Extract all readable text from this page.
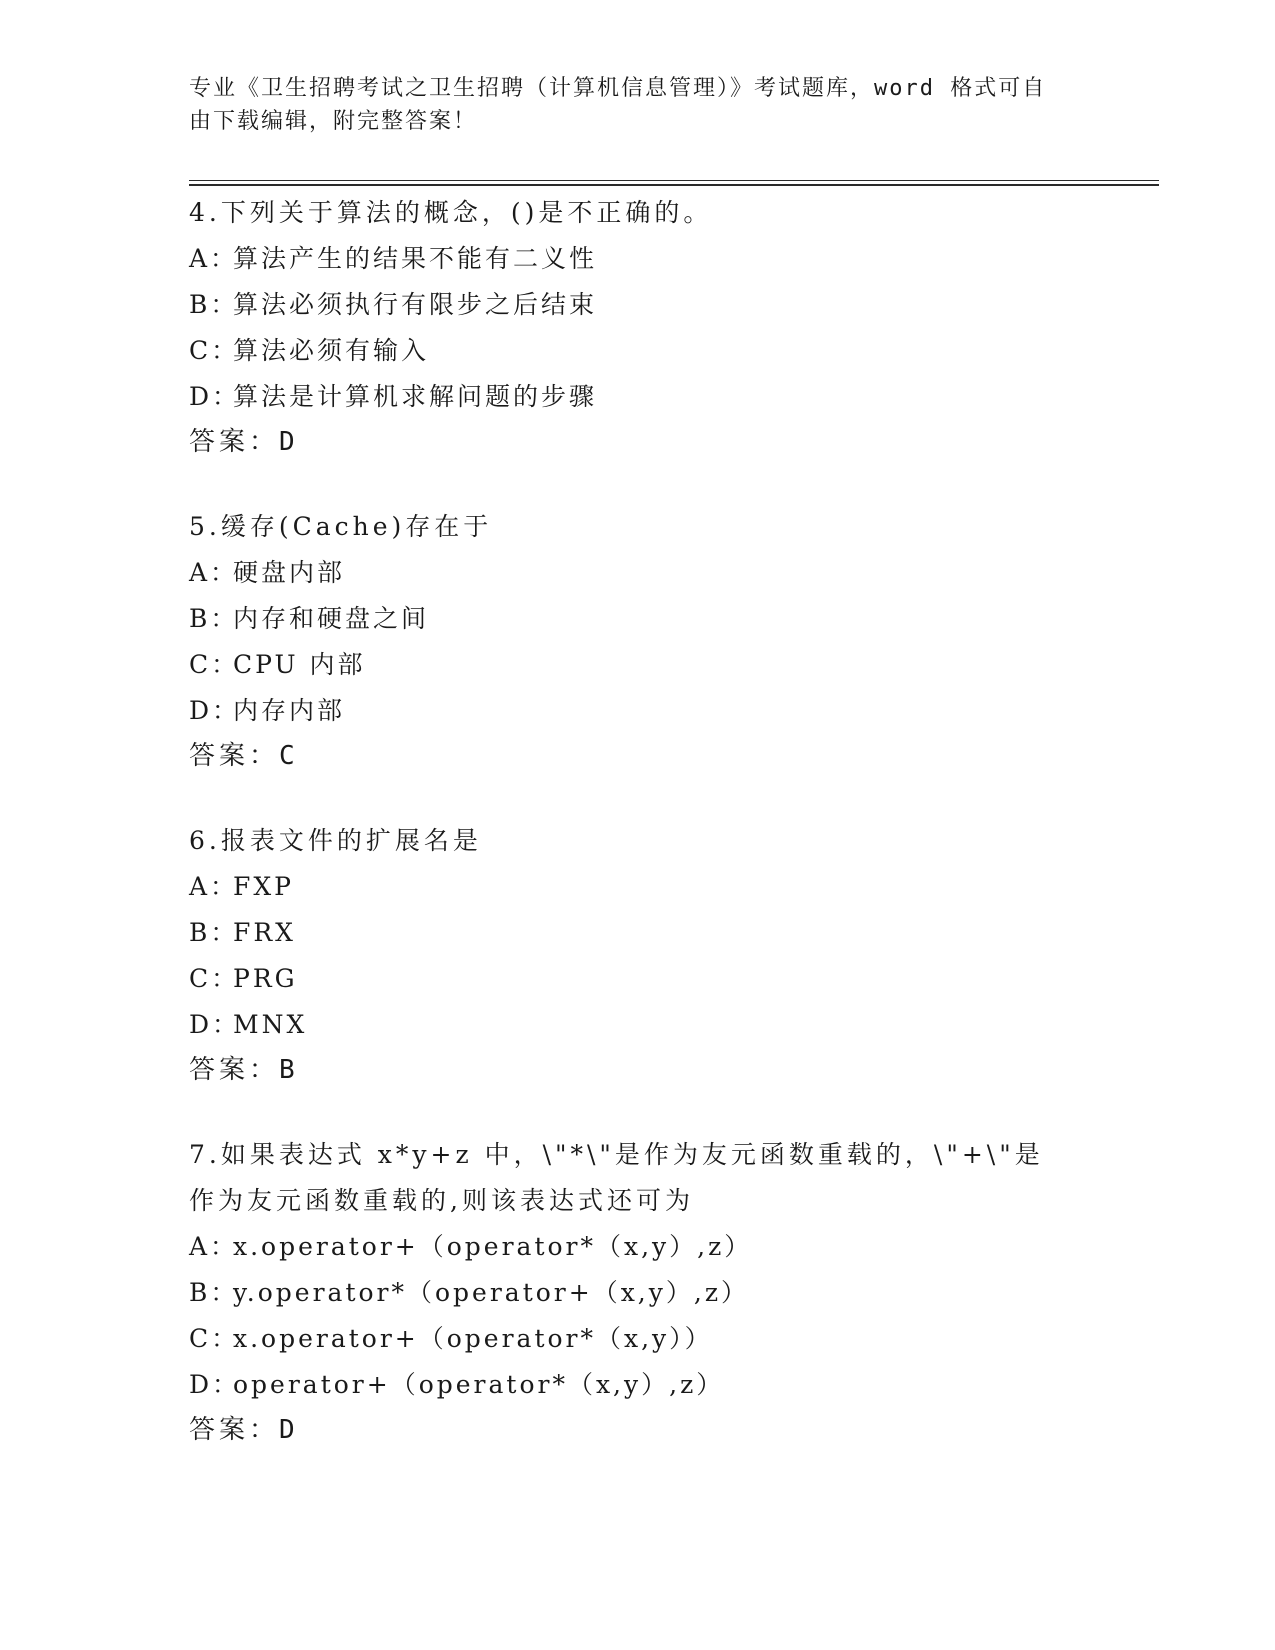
专业《卫生招聘考试之卫生招聘（计算机信息管理）》考试题库，word 格式可自
由下载编辑，附完整答案！
4.下列关于算法的概念，()是不正确的。
A：算法产生的结果不能有二义性
B：算法必须执行有限步之后结束
C：算法必须有输入
D：算法是计算机求解问题的步骤
答案：D
5.缓存(Cache)存在于
A：硬盘内部
B：内存和硬盘之间
C：CPU 内部
D：内存内部
答案：C
6.报表文件的扩展名是
A：FXP
B：FRX
C：PRG
D：MNX
答案：B
7.如果表达式 x*y+z 中，\"*\"是作为友元函数重载的，\"+\"是作为友元函数重载的,则该表达式还可为
A：x.operator+（operator*（x,y）,z）
B：y.operator*（operator+（x,y）,z）
C：x.operator+（operator*（x,y））
D：operator+（operator*（x,y）,z）
答案：D
